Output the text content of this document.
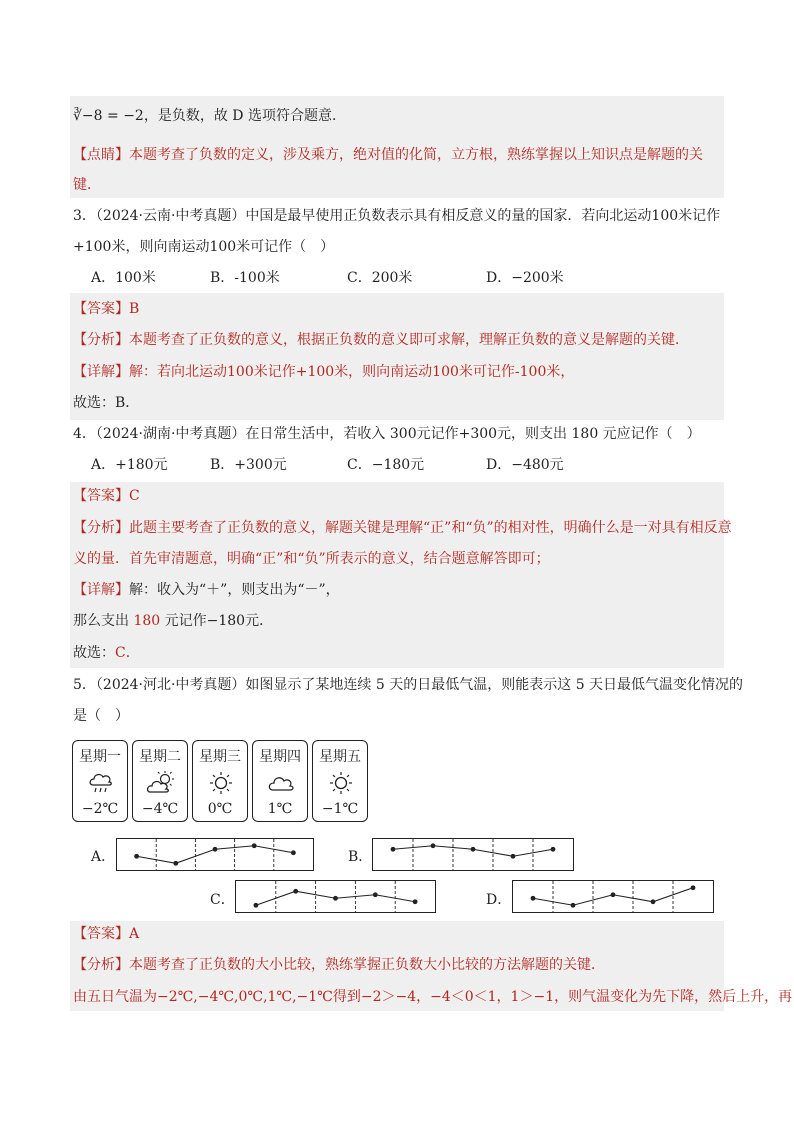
∛−8 = −2，是负数，故 D 选项符合题意．
【点睛】本题考查了负数的定义，涉及乘方，绝对值的化简，立方根，熟练掌握以上知识点是解题的关
键．
3．（2024·云南·中考真题）中国是最早使用正负数表示具有相反意义的量的国家．若向北运动100米记作
+100米，则向南运动100米可记作（　）
A．100米	B．-100米	C．200米	D．−200米
【答案】B
【分析】本题考查了正负数的意义，根据正负数的意义即可求解，理解正负数的意义是解题的关键．
【详解】解：若向北运动100米记作+100米，则向南运动100米可记作-100米，
故选：B．
4．（2024·湖南·中考真题）在日常生活中，若收入 300元记作+300元，则支出 180 元应记作（　）
A．+180元	B．+300元	C．−180元	D．−480元
【答案】C
【分析】此题主要考查了正负数的意义，解题关键是理解“正”和“负”的相对性，明确什么是一对具有相反意
义的量．首先审清题意，明确“正”和“负”所表示的意义，结合题意解答即可；
【详解】解：收入为“＋”，则支出为“－”，
那么支出 180 元记作−180元．
故选：C．
5．（2024·河北·中考真题）如图显示了某地连续 5 天的日最低气温，则能表示这 5 天日最低气温变化情况的
是（　）
星期一
−2℃
星期二
−4℃
星期三
0℃
星期四
1℃
星期五
−1℃
A．	B．
C．	D．
【答案】A
【分析】本题考查了正负数的大小比较，熟练掌握正负数大小比较的方法解题的关键．
由五日气温为−2℃,−4℃,0℃,1℃,−1℃得到−2＞−4，−4＜0＜1，1＞−1，则气温变化为先下降，然后上升，再
